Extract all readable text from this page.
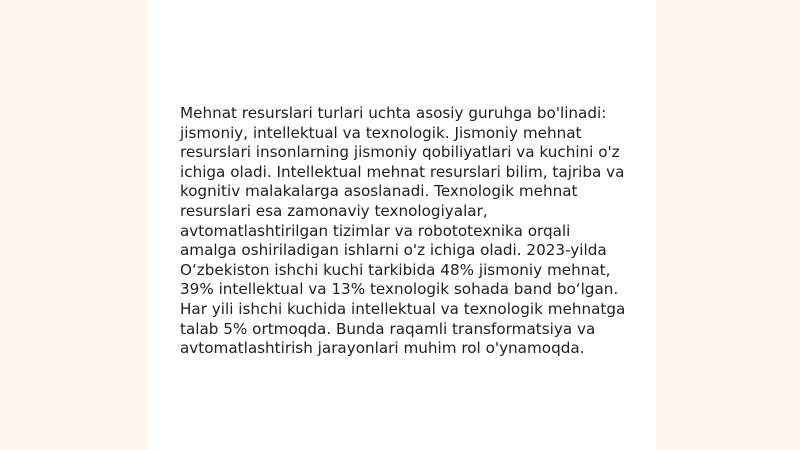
Mehnat resurslari turlari uchta asosiy guruhga bo'linadi: jismoniy, intellektual va texnologik. Jismoniy mehnat resurslari insonlarning jismoniy qobiliyatlari va kuchini o'z ichiga oladi. Intellektual mehnat resurslari bilim, tajriba va kognitiv malakalarga asoslanadi. Texnologik mehnat resurslari esa zamonaviy texnologiyalar, avtomatlashtirilgan tizimlar va robototexnika orqali amalga oshiriladigan ishlarni o'z ichiga oladi. 2023-yilda O‘zbekiston ishchi kuchi tarkibida 48% jismoniy mehnat, 39% intellektual va 13% texnologik sohada band bo‘lgan. Har yili ishchi kuchida intellektual va texnologik mehnatga talab 5% ortmoqda. Bunda raqamli transformatsiya va avtomatlashtirish jarayonlari muhim rol o'ynamoqda.
